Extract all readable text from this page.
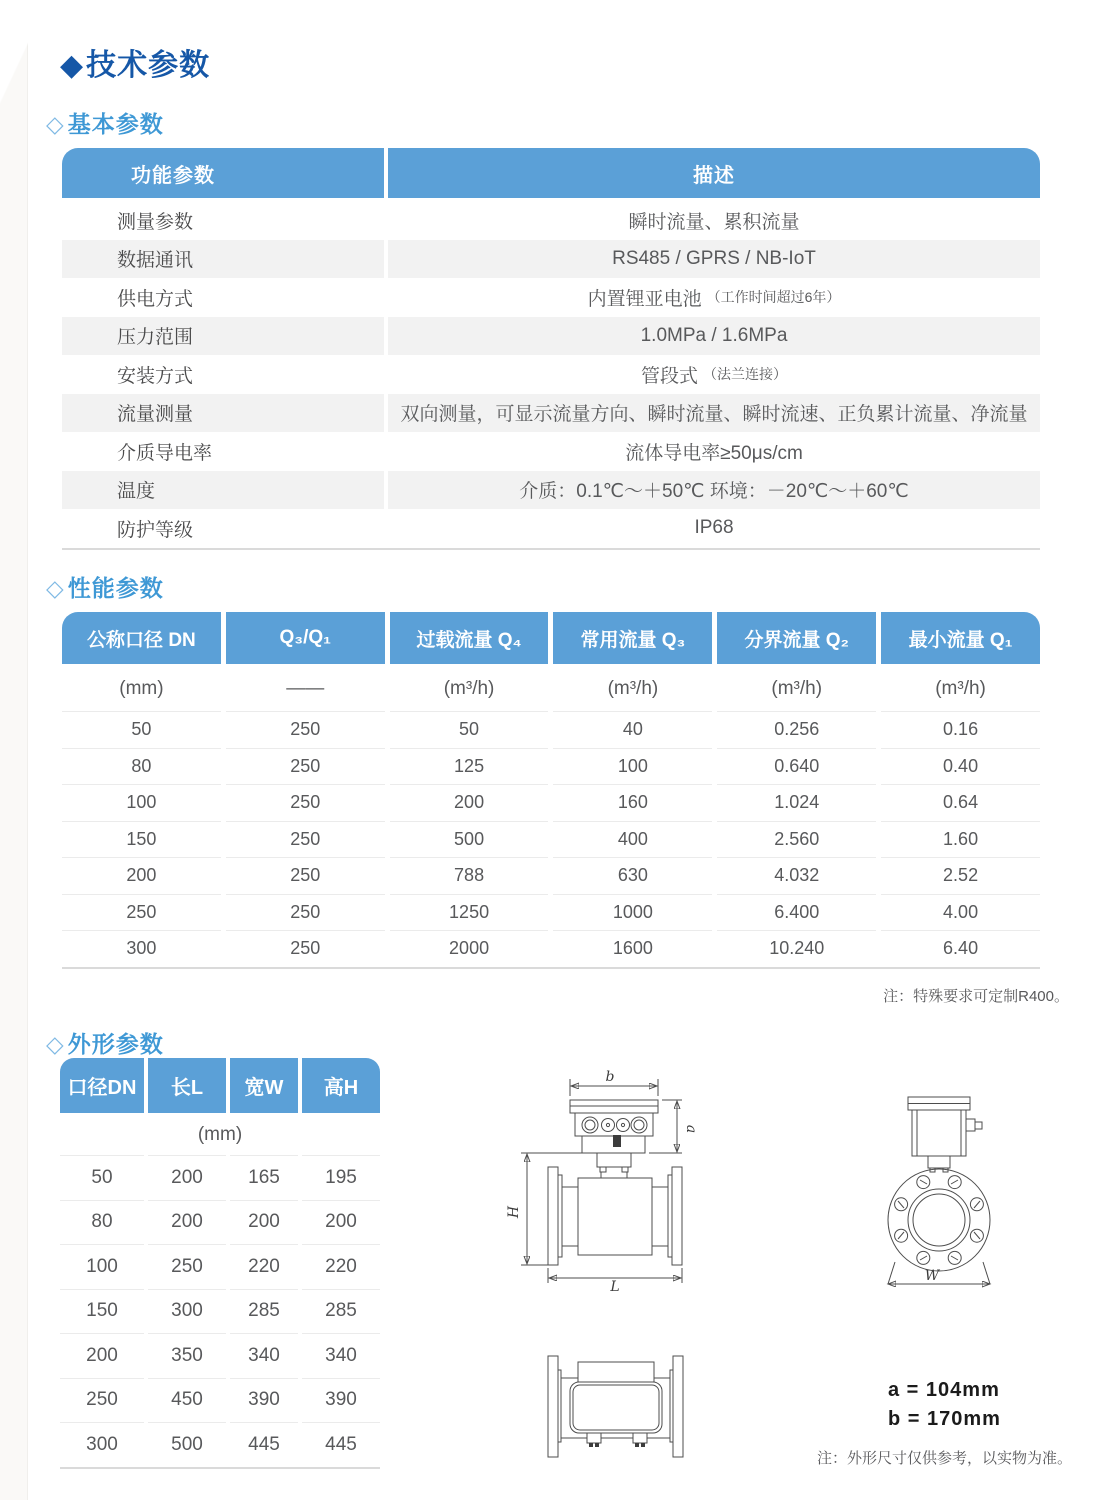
◆技术参数
◇ 基本参数
功能参数	描述
测量参数	瞬时流量、累积流量
数据通讯	RS485 / GPRS / NB-IoT
供电方式	内置锂亚电池 （工作时间超过6年）
压力范围	1.0MPa / 1.6MPa
安装方式	管段式 （法兰连接）
流量测量	双向测量，可显示流量方向、瞬时流量、瞬时流速、正负累计流量、净流量
介质导电率	流体导电率≥50μs/cm
温度	介质：0.1℃～＋50℃ 环境：－20℃～＋60℃
防护等级	IP68
◇ 性能参数
公称口径 DN	Q₃/Q₁	过载流量 Q₄	常用流量 Q₃	分界流量 Q₂	最小流量 Q₁
(mm)	——	(m³/h)	(m³/h)	(m³/h)	(m³/h)
50	250	50	40	0.256	0.16
80	250	125	100	0.640	0.40
100	250	200	160	1.024	0.64
150	250	500	400	2.560	1.60
200	250	788	630	4.032	2.52
250	250	1250	1000	6.400	4.00
300	250	2000	1600	10.240	6.40
注：特殊要求可定制R400。
◇ 外形参数
口径DN	长L	宽W	高H
(mm)
50	200	165	195
80	200	200	200
100	250	220	220
150	300	285	285
200	350	340	340
250	450	390	390
300	500	445	445
b
a
H
L
W
a = 104mm
b = 170mm
注：外形尺寸仅供参考，以实物为准。
